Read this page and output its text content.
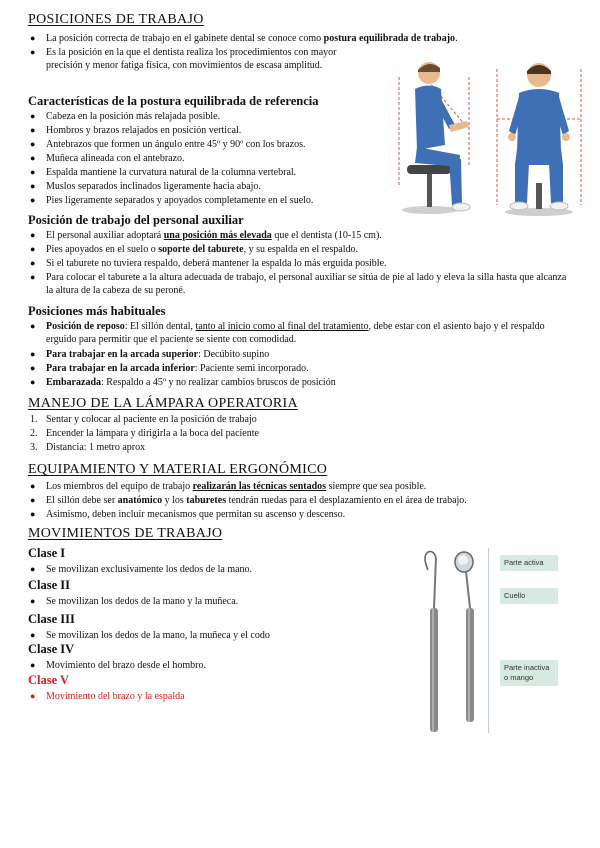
POSICIONES DE TRABAJO
● La posición correcta de trabajo en el gabinete dental se conoce como postura equilibrada de trabajo.
● Es la posición en la que el dentista realiza los procedimientos con mayor precisión y menor fatiga física, con movimientos de escasa amplitud.
Características de la postura equilibrada de referencia
● Cabeza en la posición más relajada posible.
● Hombros y brazos relajados en posición vertical.
● Antebrazos que formen un ángulo entre 45º y 90º con los brazos.
● Muñeca alineada con el antebrazo.
● Espalda mantiene la curvatura natural de la columna vertebral.
● Muslos separados inclinados ligeramente hacia abajo.
● Pies ligeramente separados y apoyados completamente en el suelo.
Posición de trabajo del personal auxiliar
● El personal auxiliar adoptará una posición más elevada que el dentista (10-15 cm).
● Pies apoyados en el suelo o soporte del taburete, y su espalda en el respaldo.
● Si el taburete no tuviera respaldo, deberá mantener la espalda lo más erguida posible.
● Para colocar el taburete a la altura adecuada de trabajo, el personal auxiliar se sitúa de pie al lado y eleva la silla hasta que alcanza la altura de la cabeza de su peroné.
Posiciones más habituales
● Posición de reposo: El sillón dental, tanto al inicio como al final del tratamiento, debe estar con el asiento bajo y el respaldo erguido para permitir que el paciente se siente con comodidad.
● Para trabajar en la arcada superior: Decúbito supino
● Para trabajar en la arcada inferior: Paciente semi incorporado.
● Embarazada: Respaldo a 45º y no realizar cambios bruscos de posición
MANEJO DE LA LÁMPARA OPERATORIA
1. Sentar y colocar al paciente en la posición de trabajo
2. Encender la lámpara y dirigirla a la boca del paciente
3. Distancia: 1 metro aprox
EQUIPAMIENTO Y MATERIAL ERGONÓMICO
● Los miembros del equipo de trabajo realizarán las técnicas sentados siempre que sea posible.
● El sillón debe ser anatómico y los taburetes tendrán ruedas para el desplazamiento en el área de trabajo.
● Asimismo, deben incluir mecanismos que permitan su ascenso y descenso.
MOVIMIENTOS DE TRABAJO
Clase I
● Se movilizan exclusivamente los dedos de la mano.
Clase II
● Se movilizan los dedos de la mano y la muñeca.
Clase III
● Se movilizan los dedos de la mano, la muñeca y el codo
Clase IV
● Movimiento del brazo desde el hombro.
Clase V
● Movimiento del brazo y la espalda
Parte activa
Cuello
Parte inactiva o mango
